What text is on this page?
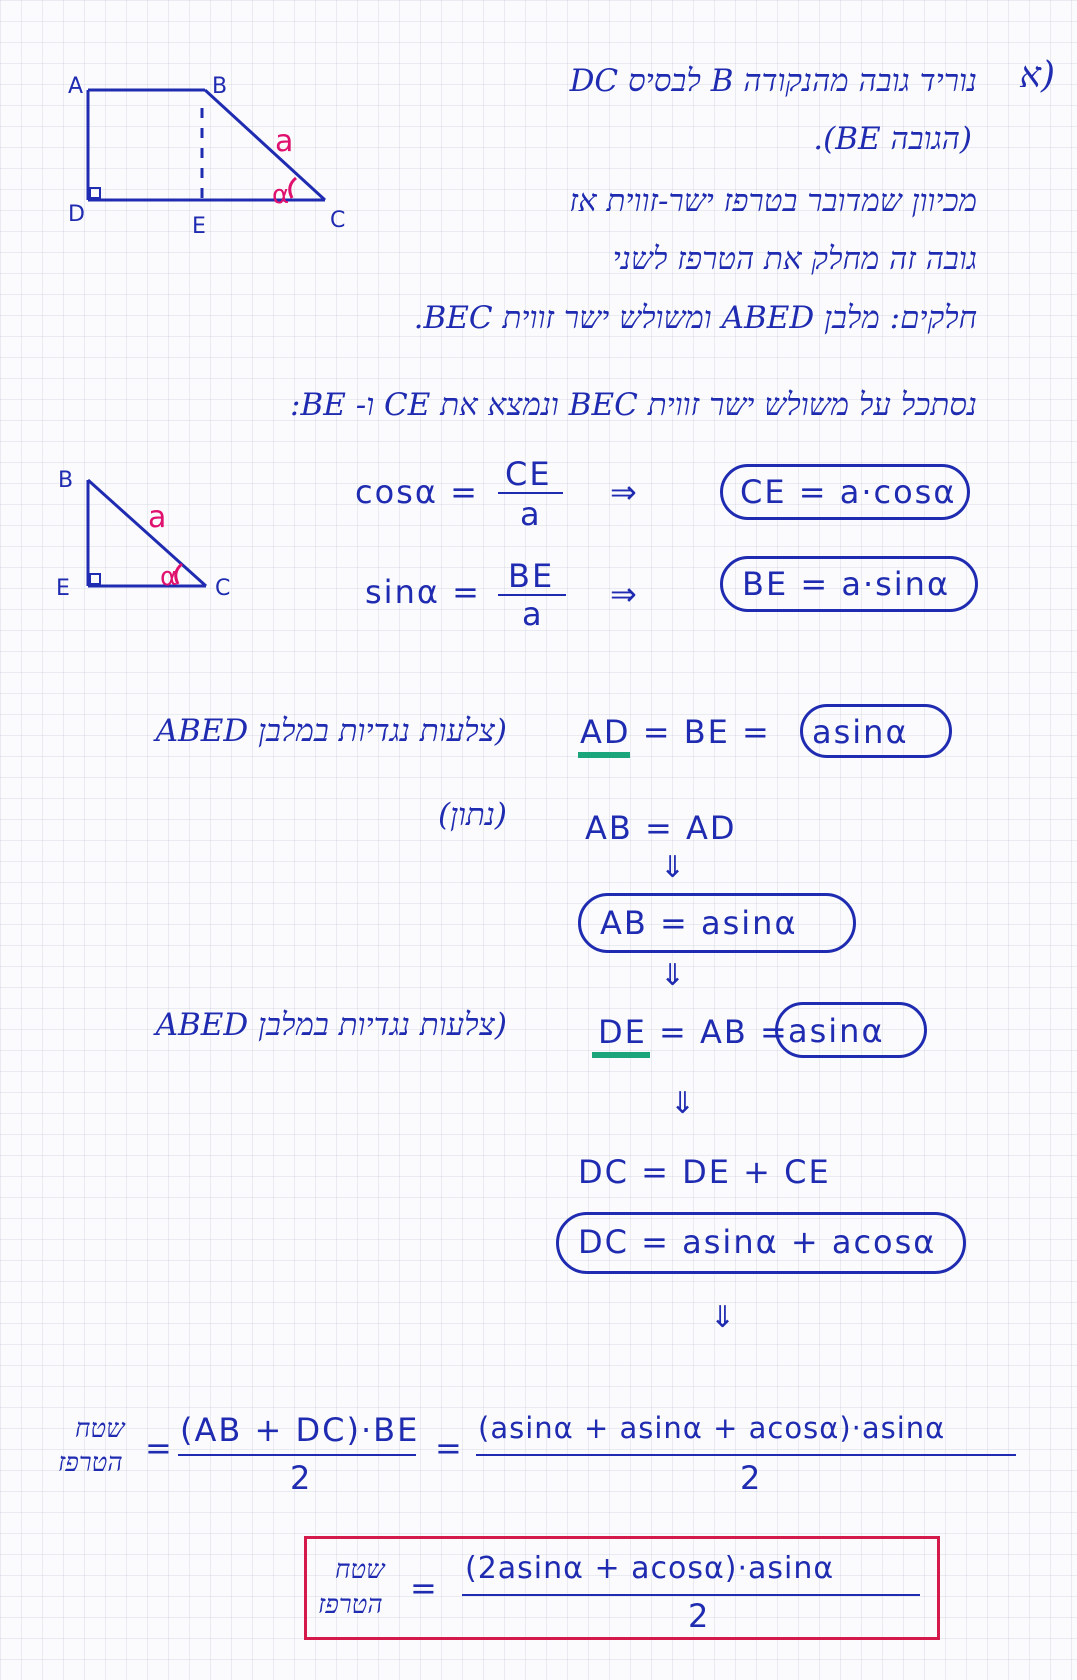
א)
A	B
D	E	C
a
α
נוריד גובה מהנקודה B לבסיס DC
(הגובה BE).
מכיוון שמדובר בטרפז ישר-זווית אז
גובה זה מחלק את הטרפז לשני
חלקים: מלבן ABED ומשולש ישר זווית BEC.
נסתכל על משולש ישר זווית BEC ונמצא את CE ו- BE:
B
E	C
a
α
cosα = CE
a
⇒	CE = a·cosα
sinα = BE
a
⇒	BE = a·sinα
(צלעות נגדיות במלבן ABED AD = BE = asinα
(נתון) AB = AD
⇓
AB = asinα
⇓
(צלעות נגדיות במלבן ABED	DE = AB = asinα
⇓
DC = DE + CE
DC = asinα + acosα
⇓
שטח
הטרפז = (AB + DC)·BE
2
=
(asinα + asinα + acosα)·asinα
2
שטח
הטרפז =
(2asinα + acosα)·asinα
2
